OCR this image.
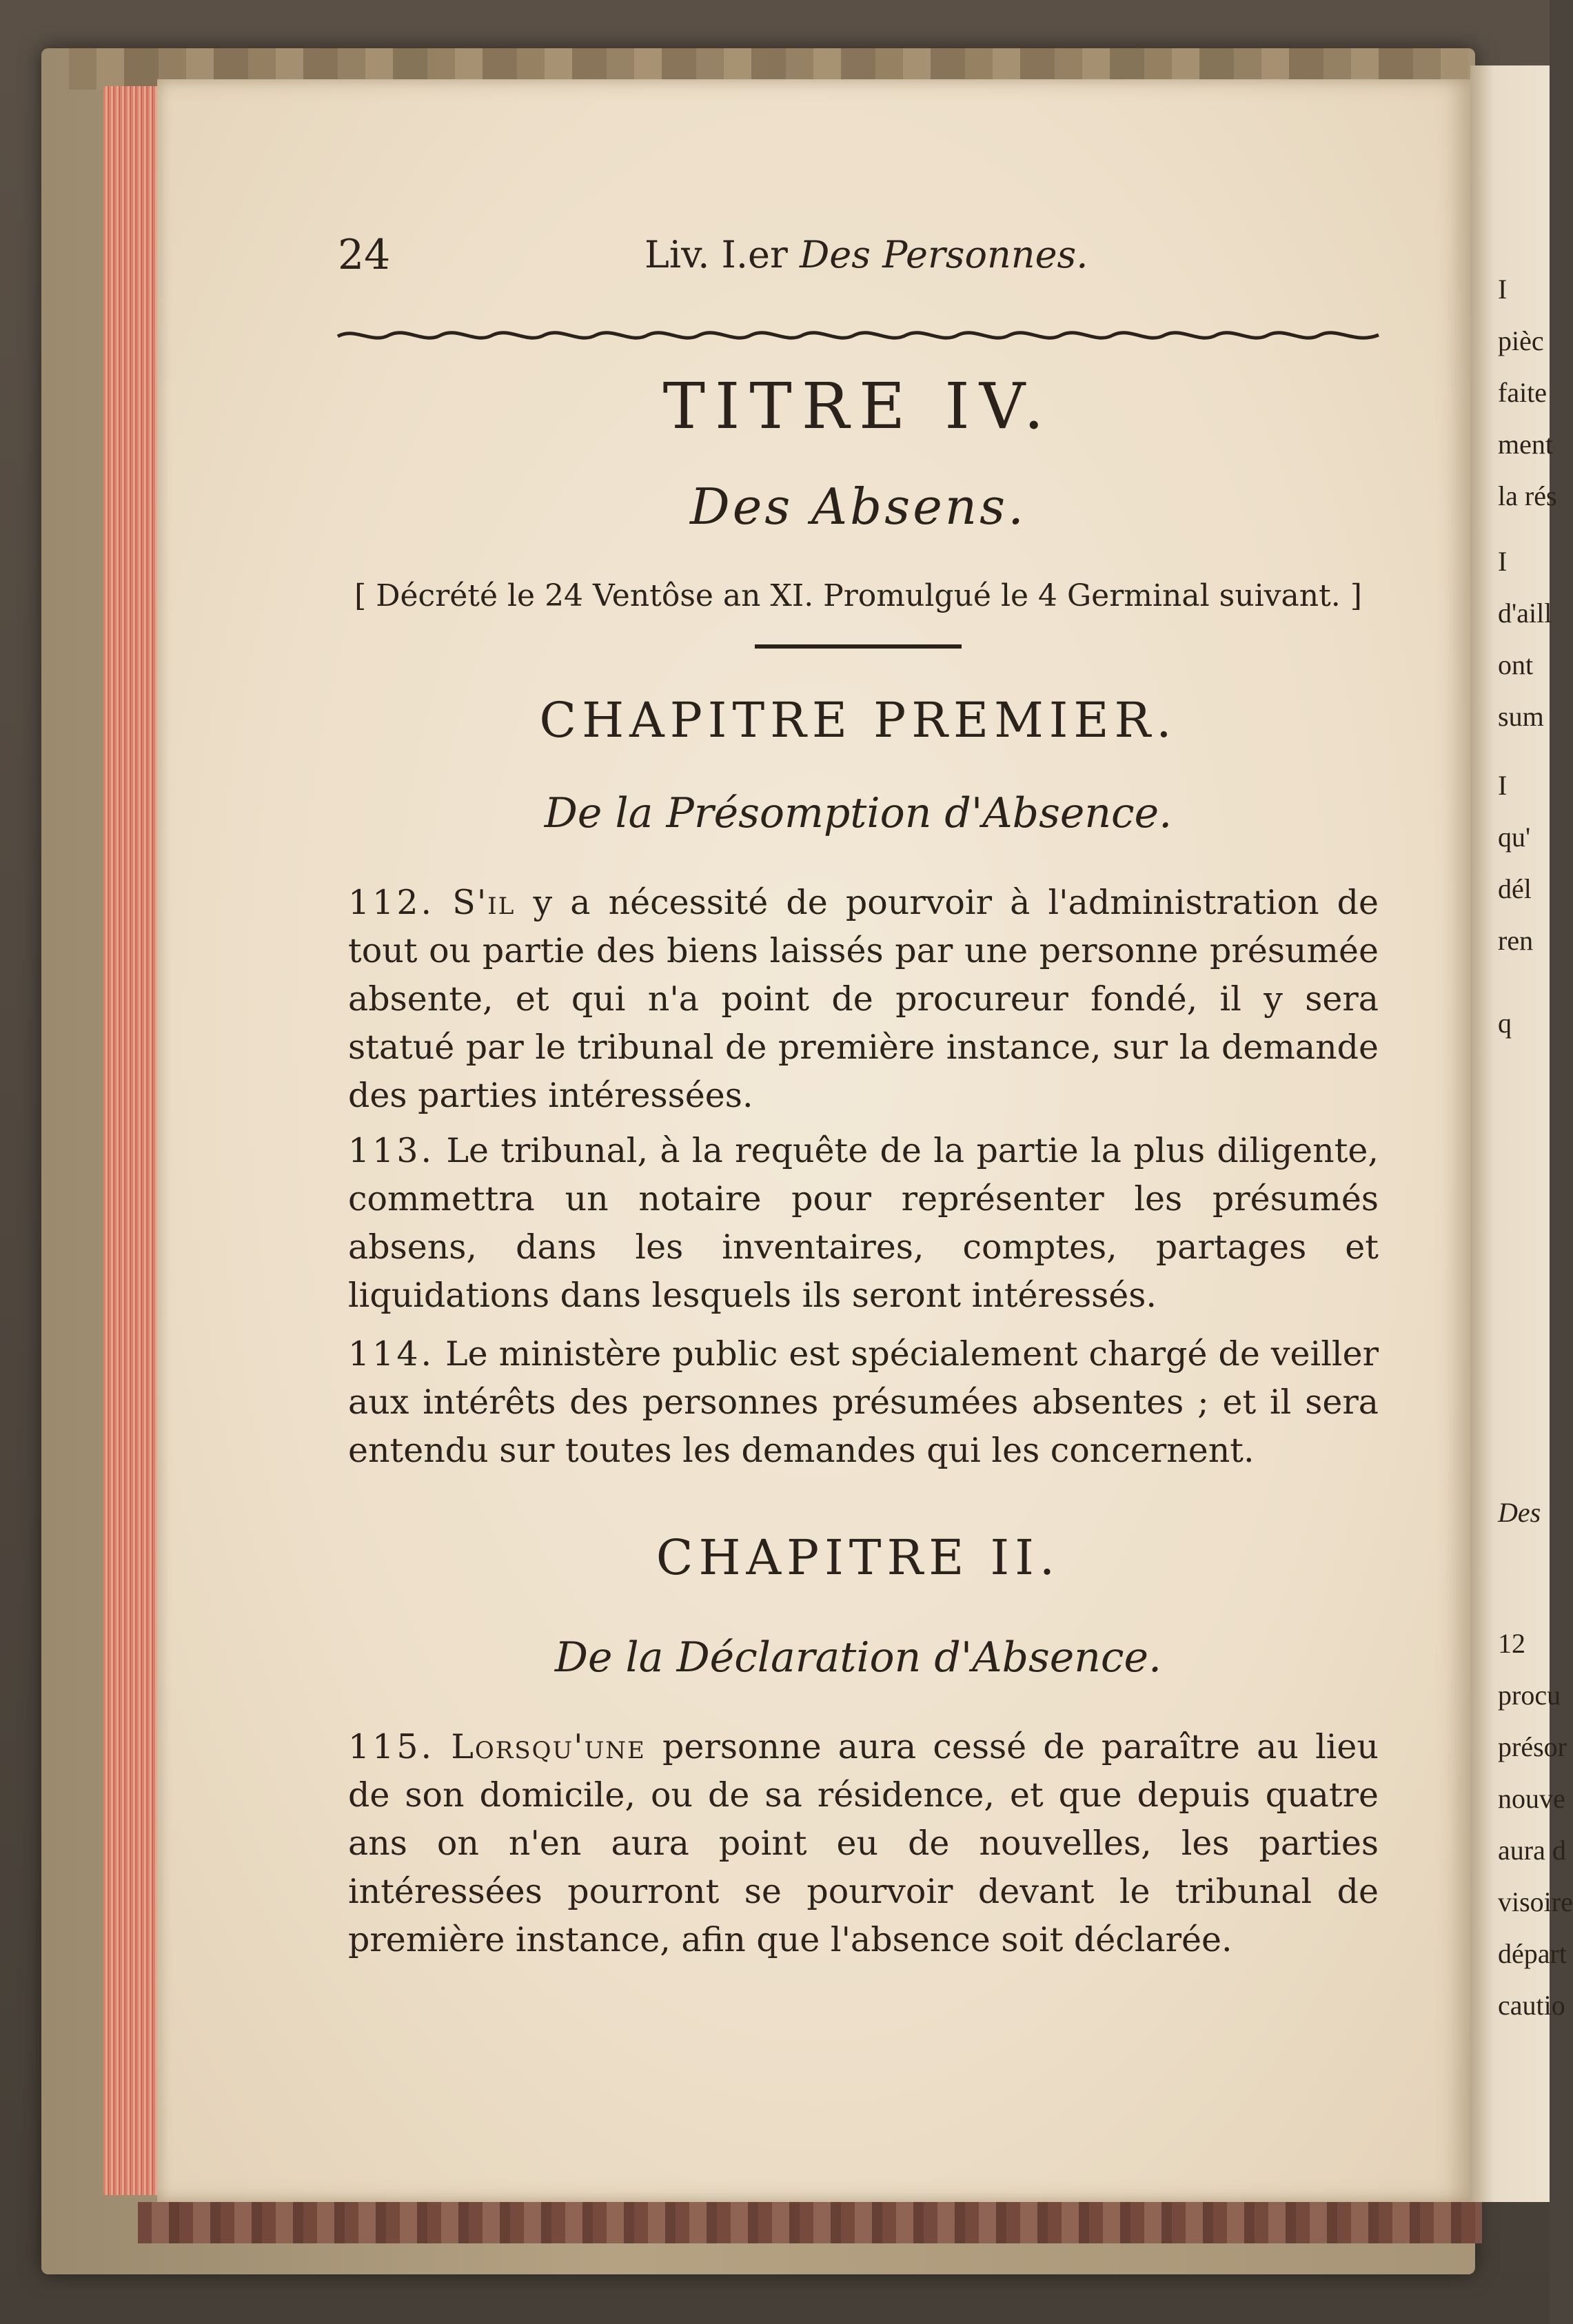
I
pièc
faite
ment
la rés
I
d'aill
ont
sum
I
qu'
dél
ren
q
Des
12
procu
présor
nouve
aura d
visoire
départ
cautio
24	Liv. I.er Des Personnes.
TITRE IV.
Des Absens.
[ Décrété le 24 Ventôse an XI. Promulgué le 4 Germinal suivant. ]
CHAPITRE PREMIER.
De la Présomption d'Absence.
112. S'il y a nécessité de pourvoir à l'administration de tout ou partie des biens laissés par une personne présumée absente, et qui n'a point de procureur fondé, il y sera statué par le tribunal de première instance, sur la demande des parties intéressées.
113. Le tribunal, à la requête de la partie la plus diligente, commettra un notaire pour représenter les présumés absens, dans les inventaires, comptes, partages et liquidations dans lesquels ils seront intéressés.
114. Le ministère public est spécialement chargé de veiller aux intérêts des personnes présumées absentes ; et il sera entendu sur toutes les demandes qui les concernent.
CHAPITRE II.
De la Déclaration d'Absence.
115. Lorsqu'une personne aura cessé de paraître au lieu de son domicile, ou de sa résidence, et que depuis quatre ans on n'en aura point eu de nouvelles, les parties intéressées pourront se pourvoir devant le tribunal de première instance, afin que l'absence soit déclarée.
